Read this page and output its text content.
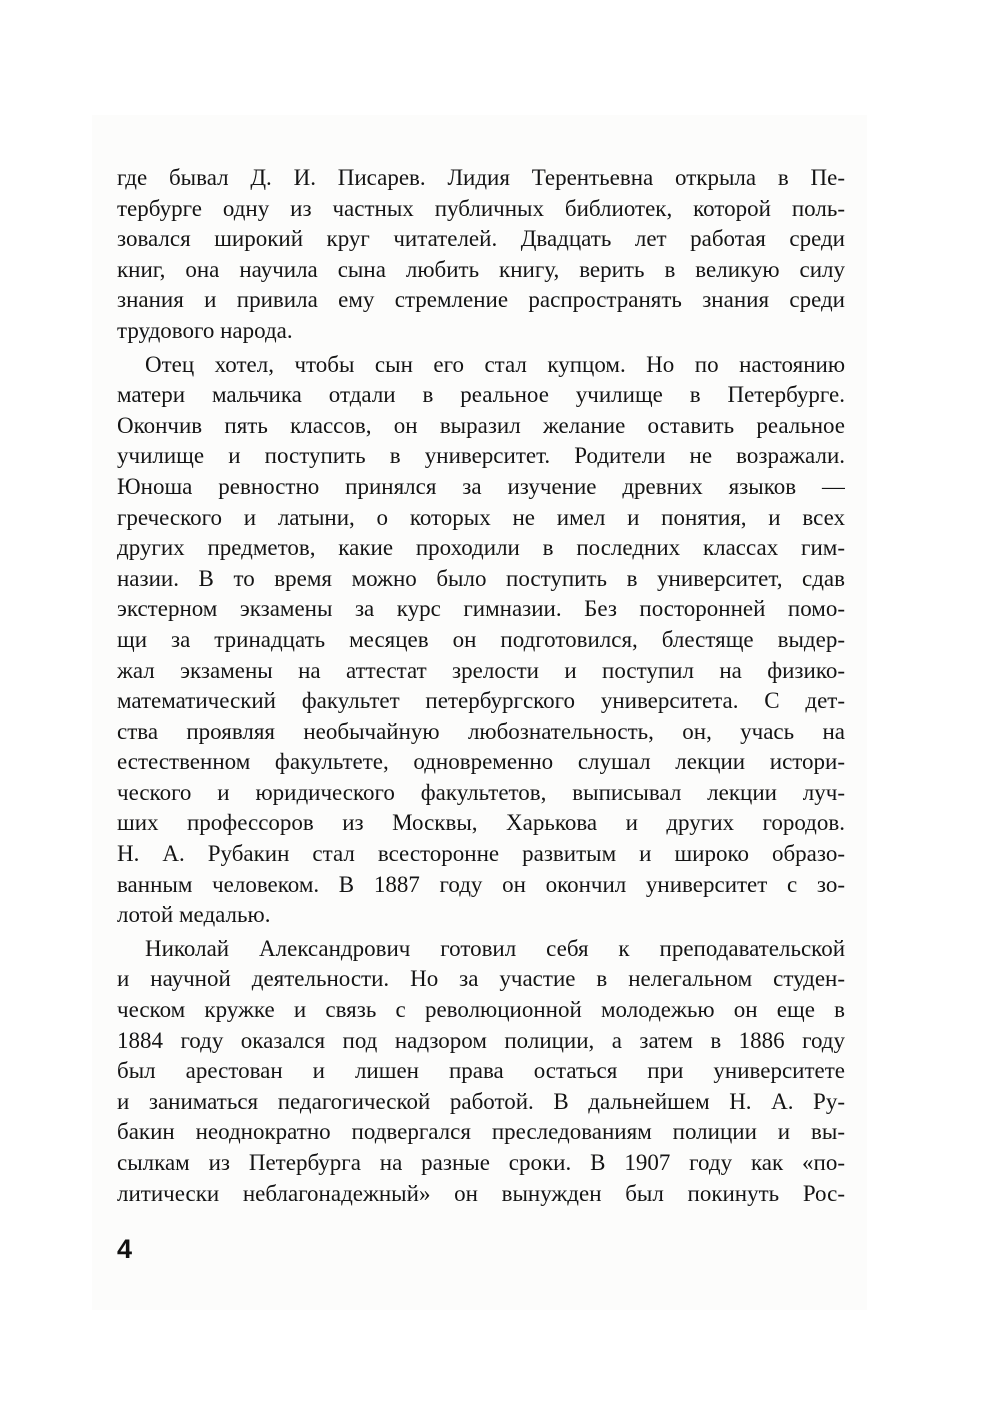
где бывал Д. И. Писарев. Лидия Терентьевна открыла в Пе-
тербурге одну из частных публичных библиотек, которой поль-
зовался широкий круг читателей. Двадцать лет работая среди
книг, она научила сына любить книгу, верить в великую силу
знания и привила ему стремление распространять знания среди
трудового народа.
Отец хотел, чтобы сын его стал купцом. Но по настоянию
матери мальчика отдали в реальное училище в Петербурге.
Окончив пять классов, он выразил желание оставить реальное
училище и поступить в университет. Родители не возражали.
Юноша ревностно принялся за изучение древних языков —
греческого и латыни, о которых не имел и понятия, и всех
других предметов, какие проходили в последних классах гим-
назии. В то время можно было поступить в университет, сдав
экстерном экзамены за курс гимназии. Без посторонней помо-
щи за тринадцать месяцев он подготовился, блестяще выдер-
жал экзамены на аттестат зрелости и поступил на физико-
математический факультет петербургского университета. С дет-
ства проявляя необычайную любознательность, он, учась на
естественном факультете, одновременно слушал лекции истори-
ческого и юридического факультетов, выписывал лекции луч-
ших профессоров из Москвы, Харькова и других городов.
Н. А. Рубакин стал всесторонне развитым и широко образо-
ванным человеком. В 1887 году он окончил университет с зо-
лотой медалью.
Николай Александрович готовил себя к преподавательской
и научной деятельности. Но за участие в нелегальном студен-
ческом кружке и связь с революционной молодежью он еще в
1884 году оказался под надзором полиции, а затем в 1886 году
был арестован и лишен права остаться при университете
и заниматься педагогической работой. В дальнейшем Н. А. Ру-
бакин неоднократно подвергался преследованиям полиции и вы-
сылкам из Петербурга на разные сроки. В 1907 году как «по-
литически неблагонадежный» он вынужден был покинуть Рос-
4
